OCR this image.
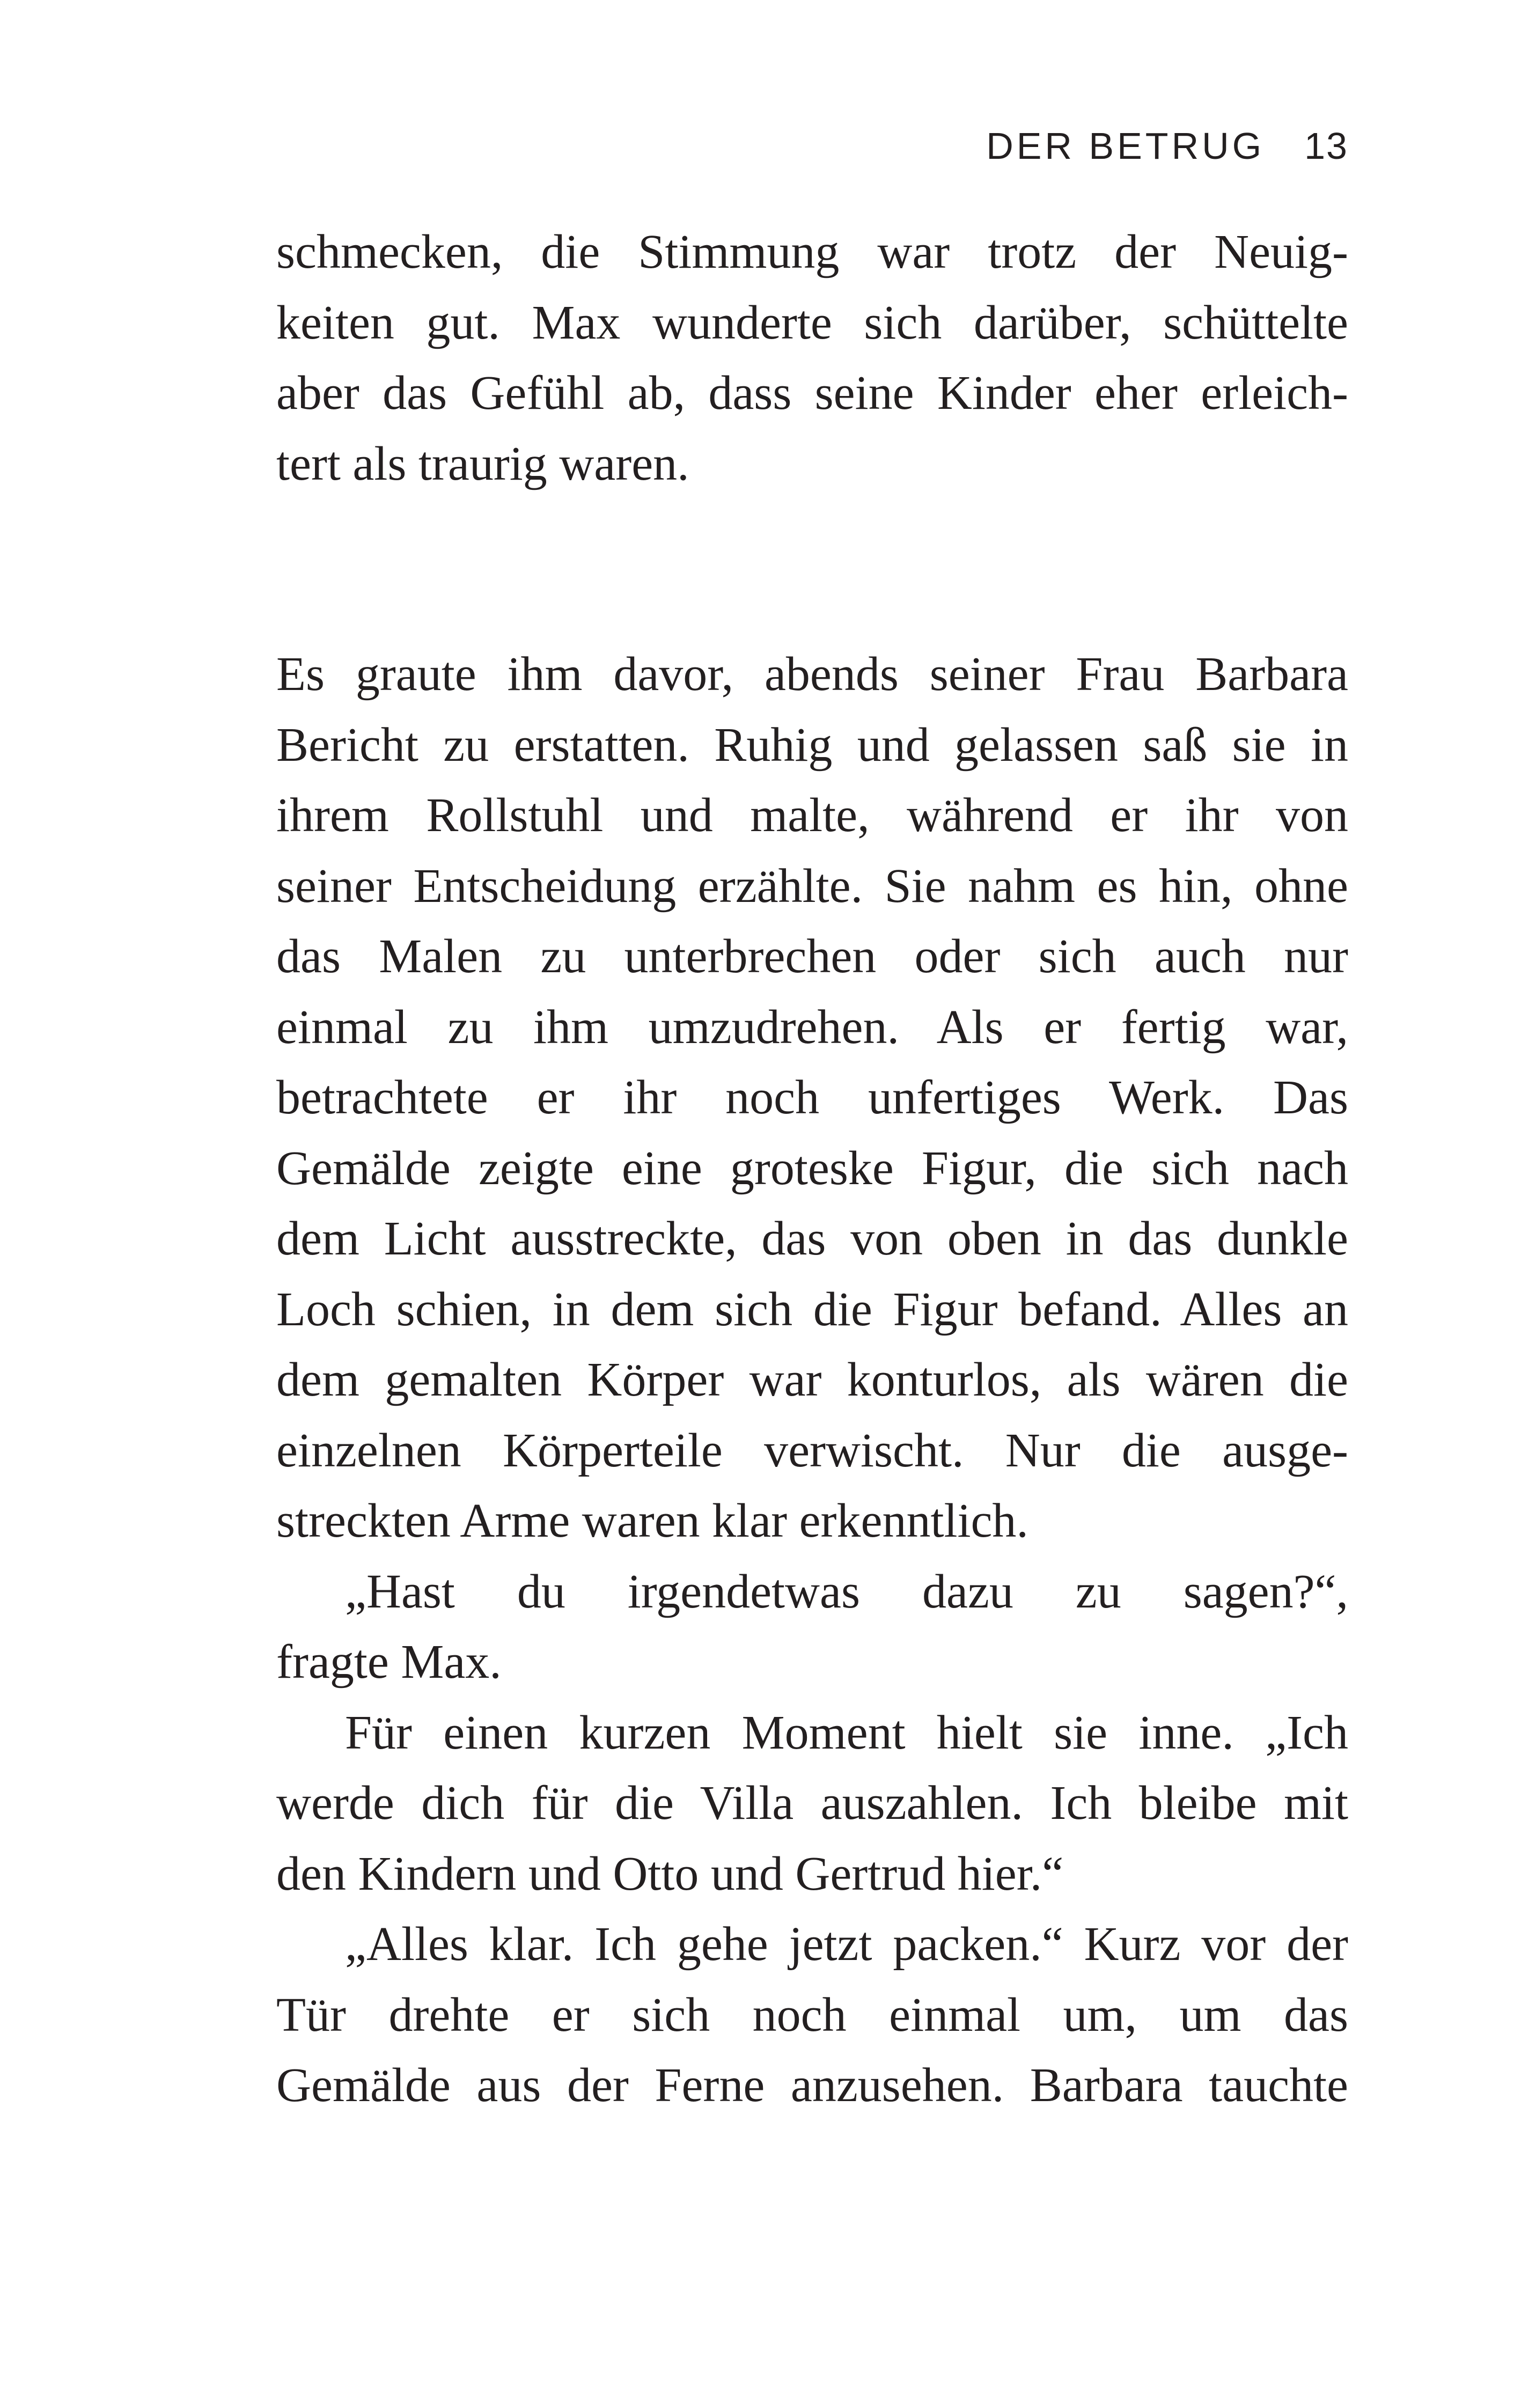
DER BETRUG 13
schmecken, die Stimmung war trotz der Neuig-
keiten gut. Max wunderte sich darüber, schüttelte
aber das Gefühl ab, dass seine Kinder eher erleich-
tert als traurig waren.
Es graute ihm davor, abends seiner Frau Barbara
Bericht zu erstatten. Ruhig und gelassen saß sie in
ihrem Rollstuhl und malte, während er ihr von
seiner Entscheidung erzählte. Sie nahm es hin, ohne
das Malen zu unterbrechen oder sich auch nur
einmal zu ihm umzudrehen. Als er fertig war,
betrachtete er ihr noch unfertiges Werk. Das
Gemälde zeigte eine groteske Figur, die sich nach
dem Licht ausstreckte, das von oben in das dunkle
Loch schien, in dem sich die Figur befand. Alles an
dem gemalten Körper war konturlos, als wären die
einzelnen Körperteile verwischt. Nur die ausge-
streckten Arme waren klar erkenntlich.
„Hast du irgendetwas dazu zu sagen?“,
fragte Max.
Für einen kurzen Moment hielt sie inne. „Ich
werde dich für die Villa auszahlen. Ich bleibe mit
den Kindern und Otto und Gertrud hier.“
„Alles klar. Ich gehe jetzt packen.“ Kurz vor der
Tür drehte er sich noch einmal um, um das
Gemälde aus der Ferne anzusehen. Barbara tauchte
